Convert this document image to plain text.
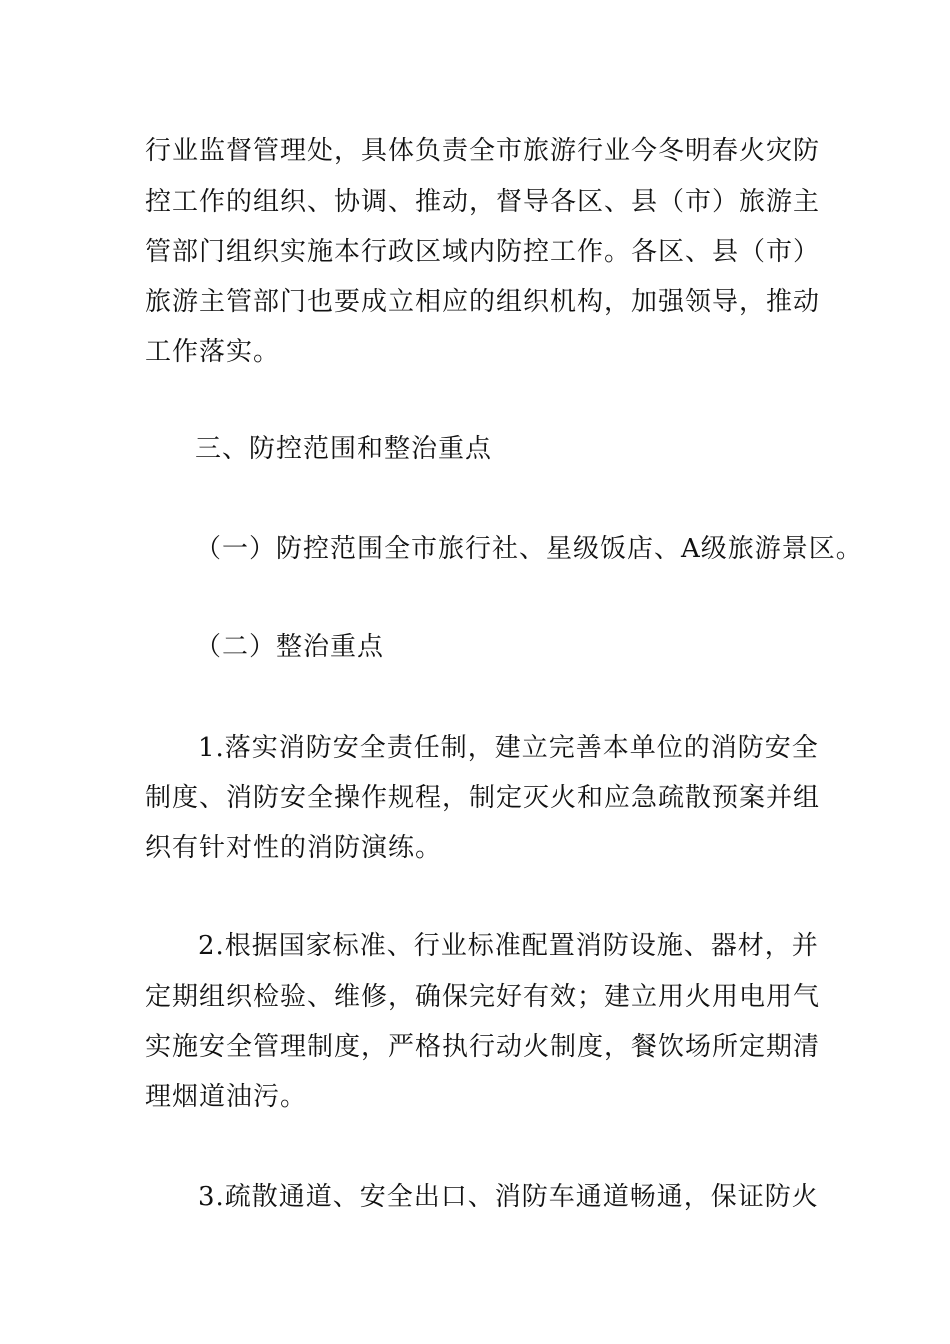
行业监督管理处，具体负责全市旅游行业今冬明春火灾防
控工作的组织、协调、推动，督导各区、县（市）旅游主
管部门组织实施本行政区域内防控工作。各区、县（市）
旅游主管部门也要成立相应的组织机构，加强领导，推动
工作落实。
三、防控范围和整治重点
（一）防控范围全市旅行社、星级饭店、A级旅游景区。
（二）整治重点
1.落实消防安全责任制，建立完善本单位的消防安全
制度、消防安全操作规程，制定灭火和应急疏散预案并组
织有针对性的消防演练。
2.根据国家标准、行业标准配置消防设施、器材，并
定期组织检验、维修，确保完好有效；建立用火用电用气
实施安全管理制度，严格执行动火制度，餐饮场所定期清
理烟道油污。
3.疏散通道、安全出口、消防车通道畅通，保证防火
